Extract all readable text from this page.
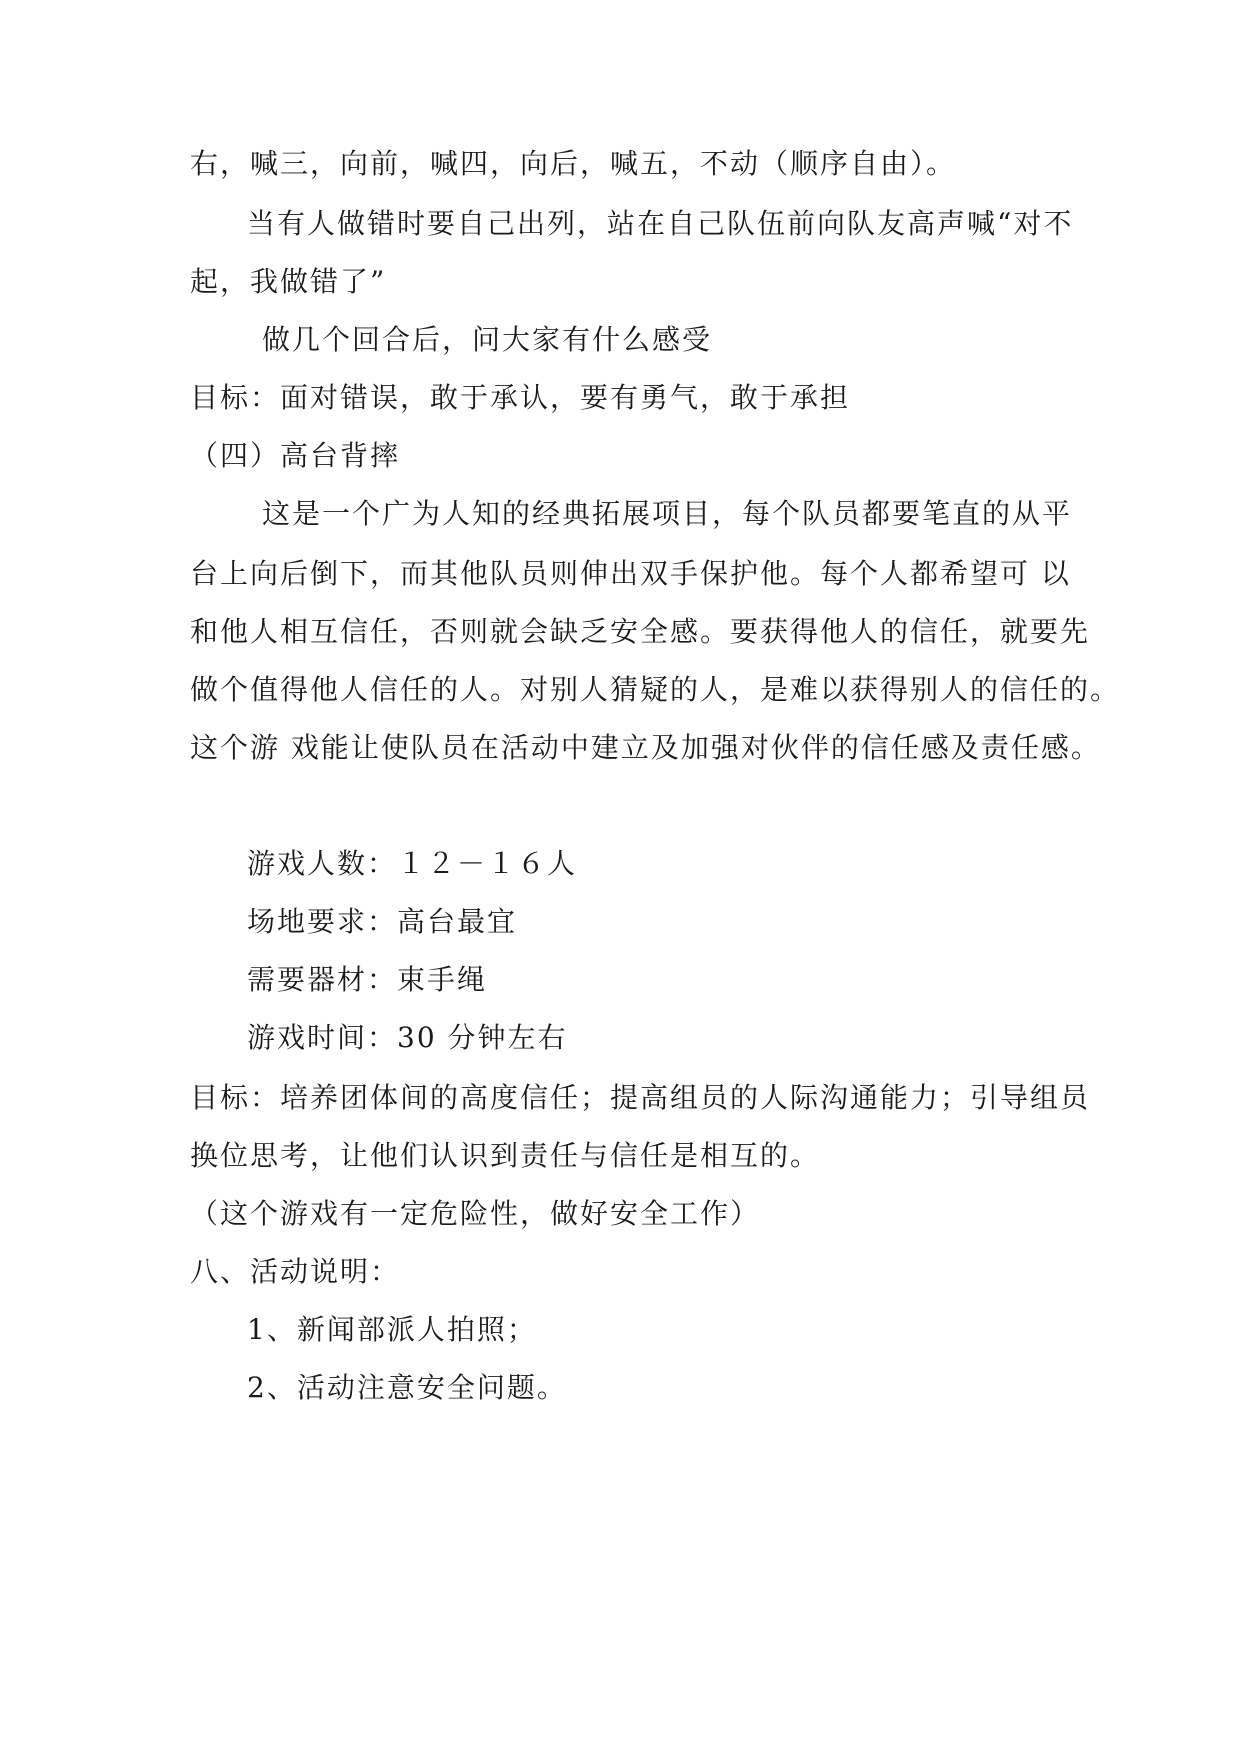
右，喊三，向前，喊四，向后，喊五，不动（顺序自由）。
当有人做错时要自己出列，站在自己队伍前向队友高声喊“对不
起，我做错了”
做几个回合后，问大家有什么感受
目标：面对错误，敢于承认，要有勇气，敢于承担
（四）高台背摔
这是一个广为人知的经典拓展项目，每个队员都要笔直的从平
台上向后倒下，而其他队员则伸出双手保护他。每个人都希望可 以
和他人相互信任，否则就会缺乏安全感。要获得他人的信任，就要先
做个值得他人信任的人。对别人猜疑的人，是难以获得别人的信任的。
这个游 戏能让使队员在活动中建立及加强对伙伴的信任感及责任感。
游戏人数：１２－１６人
场地要求：高台最宜
需要器材：束手绳
游戏时间：30 分钟左右
目标：培养团体间的高度信任；提高组员的人际沟通能力；引导组员
换位思考，让他们认识到责任与信任是相互的。
（这个游戏有一定危险性，做好安全工作）
八、活动说明：
1、新闻部派人拍照；
2、活动注意安全问题。
